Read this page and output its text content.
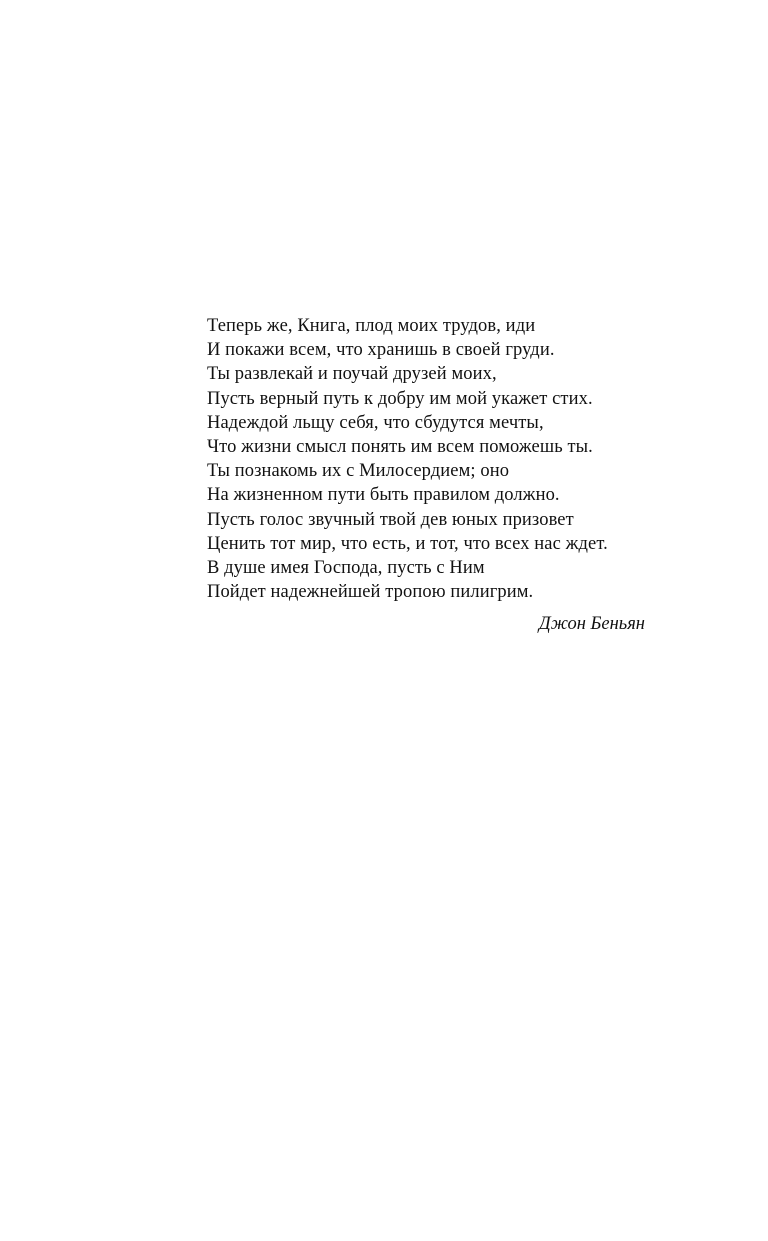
Теперь же, Книга, плод моих трудов, иди
И покажи всем, что хранишь в своей груди.
Ты развлекай и поучай друзей моих,
Пусть верный путь к добру им мой укажет стих.
Надеждой льщу себя, что сбудутся мечты,
Что жизни смысл понять им всем поможешь ты.
Ты познакомь их с Милосердием; оно
На жизненном пути быть правилом должно.
Пусть голос звучный твой дев юных призовет
Ценить тот мир, что есть, и тот, что всех нас ждет.
В душе имея Господа, пусть с Ним
Пойдет надежнейшей тропою пилигрим.
Джон Беньян
